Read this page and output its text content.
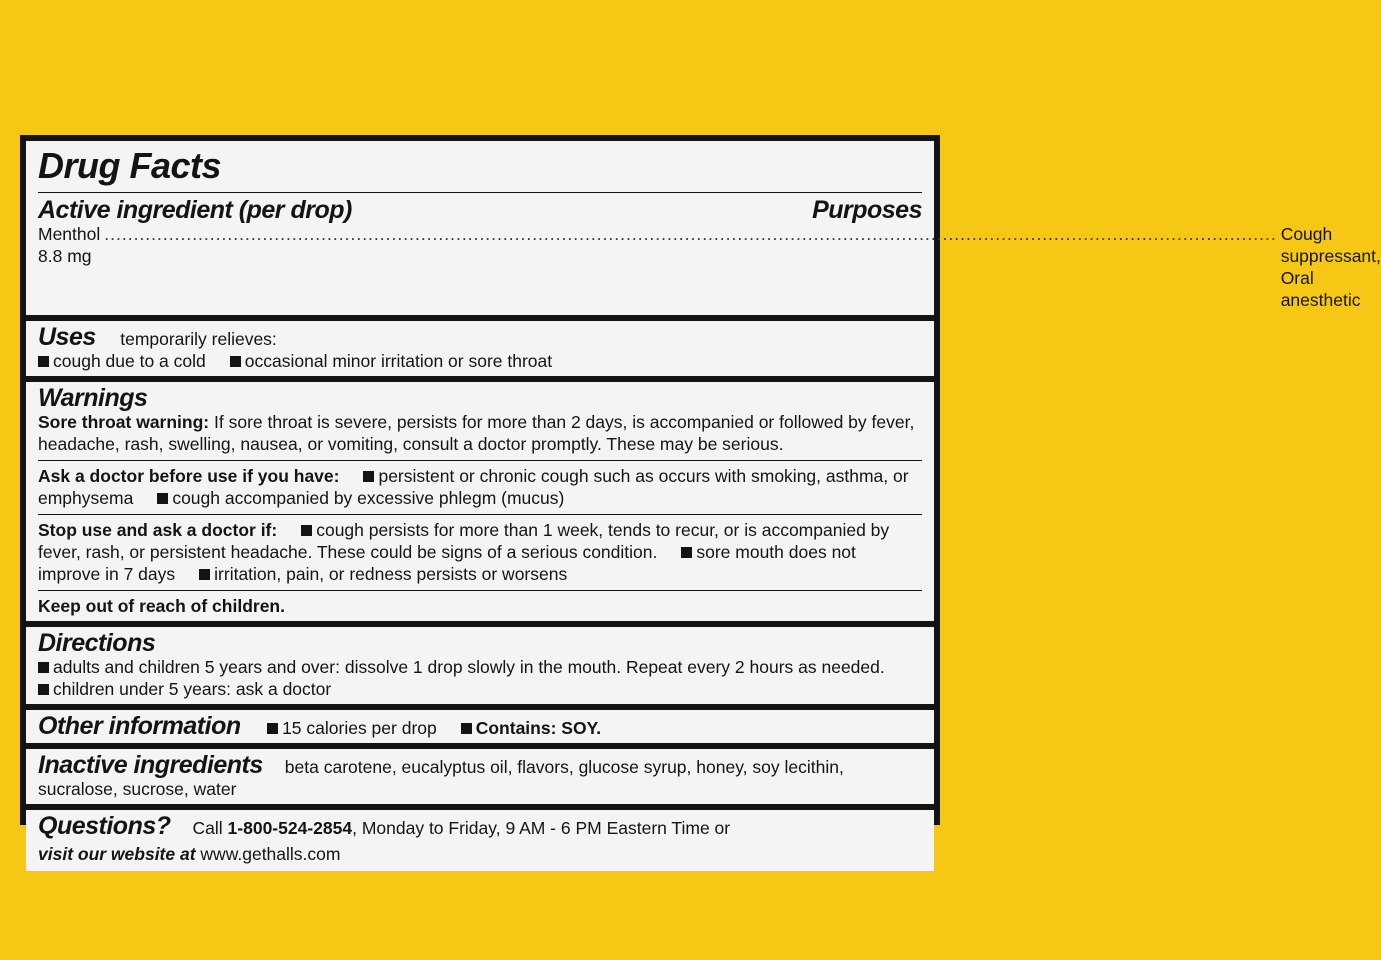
Drug Facts
Active ingredient (per drop)	Purposes
Menthol 8.8 mg
........................................................................................................................................................................................................ Cough suppressant, Oral anesthetic
Uses temporarily relieves:
cough due to a cold occasional minor irritation or sore throat
Warnings
Sore throat warning: If sore throat is severe, persists for more than 2 days, is accompanied or followed by fever, headache, rash, swelling, nausea, or vomiting, consult a doctor promptly. These may be serious.
Ask a doctor before use if you have: persistent or chronic cough such as occurs with smoking, asthma, or emphysema cough accompanied by excessive phlegm (mucus)
Stop use and ask a doctor if: cough persists for more than 1 week, tends to recur, or is accompanied by fever, rash, or persistent headache. These could be signs of a serious condition. sore mouth does not improve in 7 days irritation, pain, or redness persists or worsens
Keep out of reach of children.
Directions
adults and children 5 years and over: dissolve 1 drop slowly in the mouth. Repeat every 2 hours as needed.
children under 5 years: ask a doctor
Other information 15 calories per drop Contains: SOY.
Inactive ingredients beta carotene, eucalyptus oil, flavors, glucose syrup, honey, soy lecithin, sucralose, sucrose, water
Questions? Call 1-800-524-2854, Monday to Friday, 9 AM - 6 PM Eastern Time or
visit our website at www.gethalls.com
